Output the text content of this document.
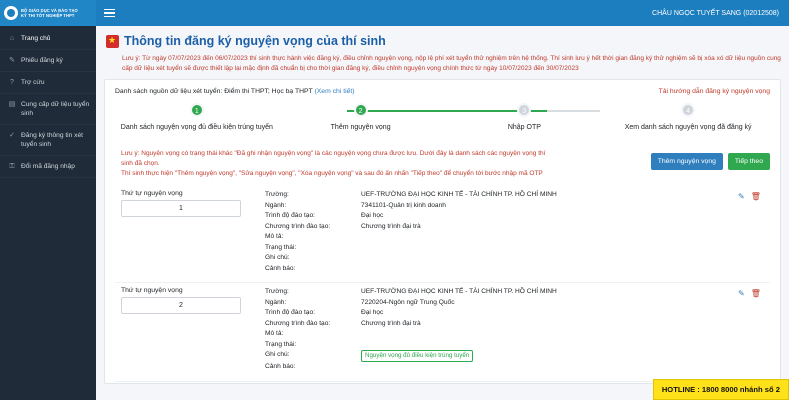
BỘ GIÁO DỤC VÀ ĐÀO TẠO
KỲ THI TỐT NGHIỆP THPT	CHÂU NGỌC TUYẾT SANG (02012508)
⌂ Trang chủ
✎ Phiếu đăng ký
?	Trợ cứu
▤ Cung cấp dữ liệu tuyển sinh
✓ Đăng ký thông tin xét tuyển sinh
⚿ Đổi mã đăng nhập
★
Thông tin đăng ký nguyện vọng của thí sinh
Lưu ý: Từ ngày 07/07/2023 đến 06/07/2023 thí sinh thực hành việc đăng ký, điều chỉnh nguyện vọng, nộp lệ phí xét tuyển thử nghiệm trên hệ thống. Thí sinh lưu ý hết thời gian đăng ký thử nghiệm sẽ bị xóa xó dữ liệu nguồn cung cấp dữ liệu xét tuyển sẽ được thiết lập lại mặc định đã chuẩn bị cho thời gian đăng ký, điều chỉnh nguyện vọng chính thức từ ngày 10/07/2023 đến 30/07/2023
Danh sách nguồn dữ liệu xét tuyển: Điểm thi THPT; Học bạ THPT (Xem chi tiết)	Tải hướng dẫn đăng ký nguyện vọng
1
Danh sách nguyện vọng đủ điều kiện trúng tuyển
2
Thêm nguyện vọng
3
Nhập OTP
4
Xem danh sách nguyện vọng đã đăng ký
Lưu ý: Nguyện vọng có trạng thái khác "Đã ghi nhận nguyện vọng" là các nguyện vọng chưa được lưu. Dưới đây là danh sách các nguyện vọng thí
sinh đã chọn.
Thí sinh thực hiện "Thêm nguyện vọng", "Sửa nguyện vọng", "Xóa nguyện vọng" và sau đó ấn nhấn "Tiếp theo" để chuyển tới bước nhập mã OTP
Thêm nguyện vọng	Tiếp theo
Thứ tự nguyện vọng
1	Trường:	UEF-TRƯỜNG ĐẠI HỌC KINH TẾ - TÀI CHÍNH TP. HỒ CHÍ MINH
Ngành:	7341101-Quản trị kinh doanh
Trình độ đào tạo:	Đại học
Chương trình đào tạo:	Chương trình đại trà
Mô tả:
Trạng thái:
Ghi chú:
Cảnh báo:
✎ 🗑
Thứ tự nguyện vọng
2	Trường:	UEF-TRƯỜNG ĐẠI HỌC KINH TẾ - TÀI CHÍNH TP. HỒ CHÍ MINH
Ngành:	7220204-Ngôn ngữ Trung Quốc
Trình độ đào tạo:	Đại học
Chương trình đào tạo:	Chương trình đại trà
Mô tả:
Trạng thái:
Ghi chú:	Nguyện vọng đủ điều kiện trúng tuyển
Cảnh báo:
✎ 🗑
HOTLINE : 1800 8000 nhánh số 2
